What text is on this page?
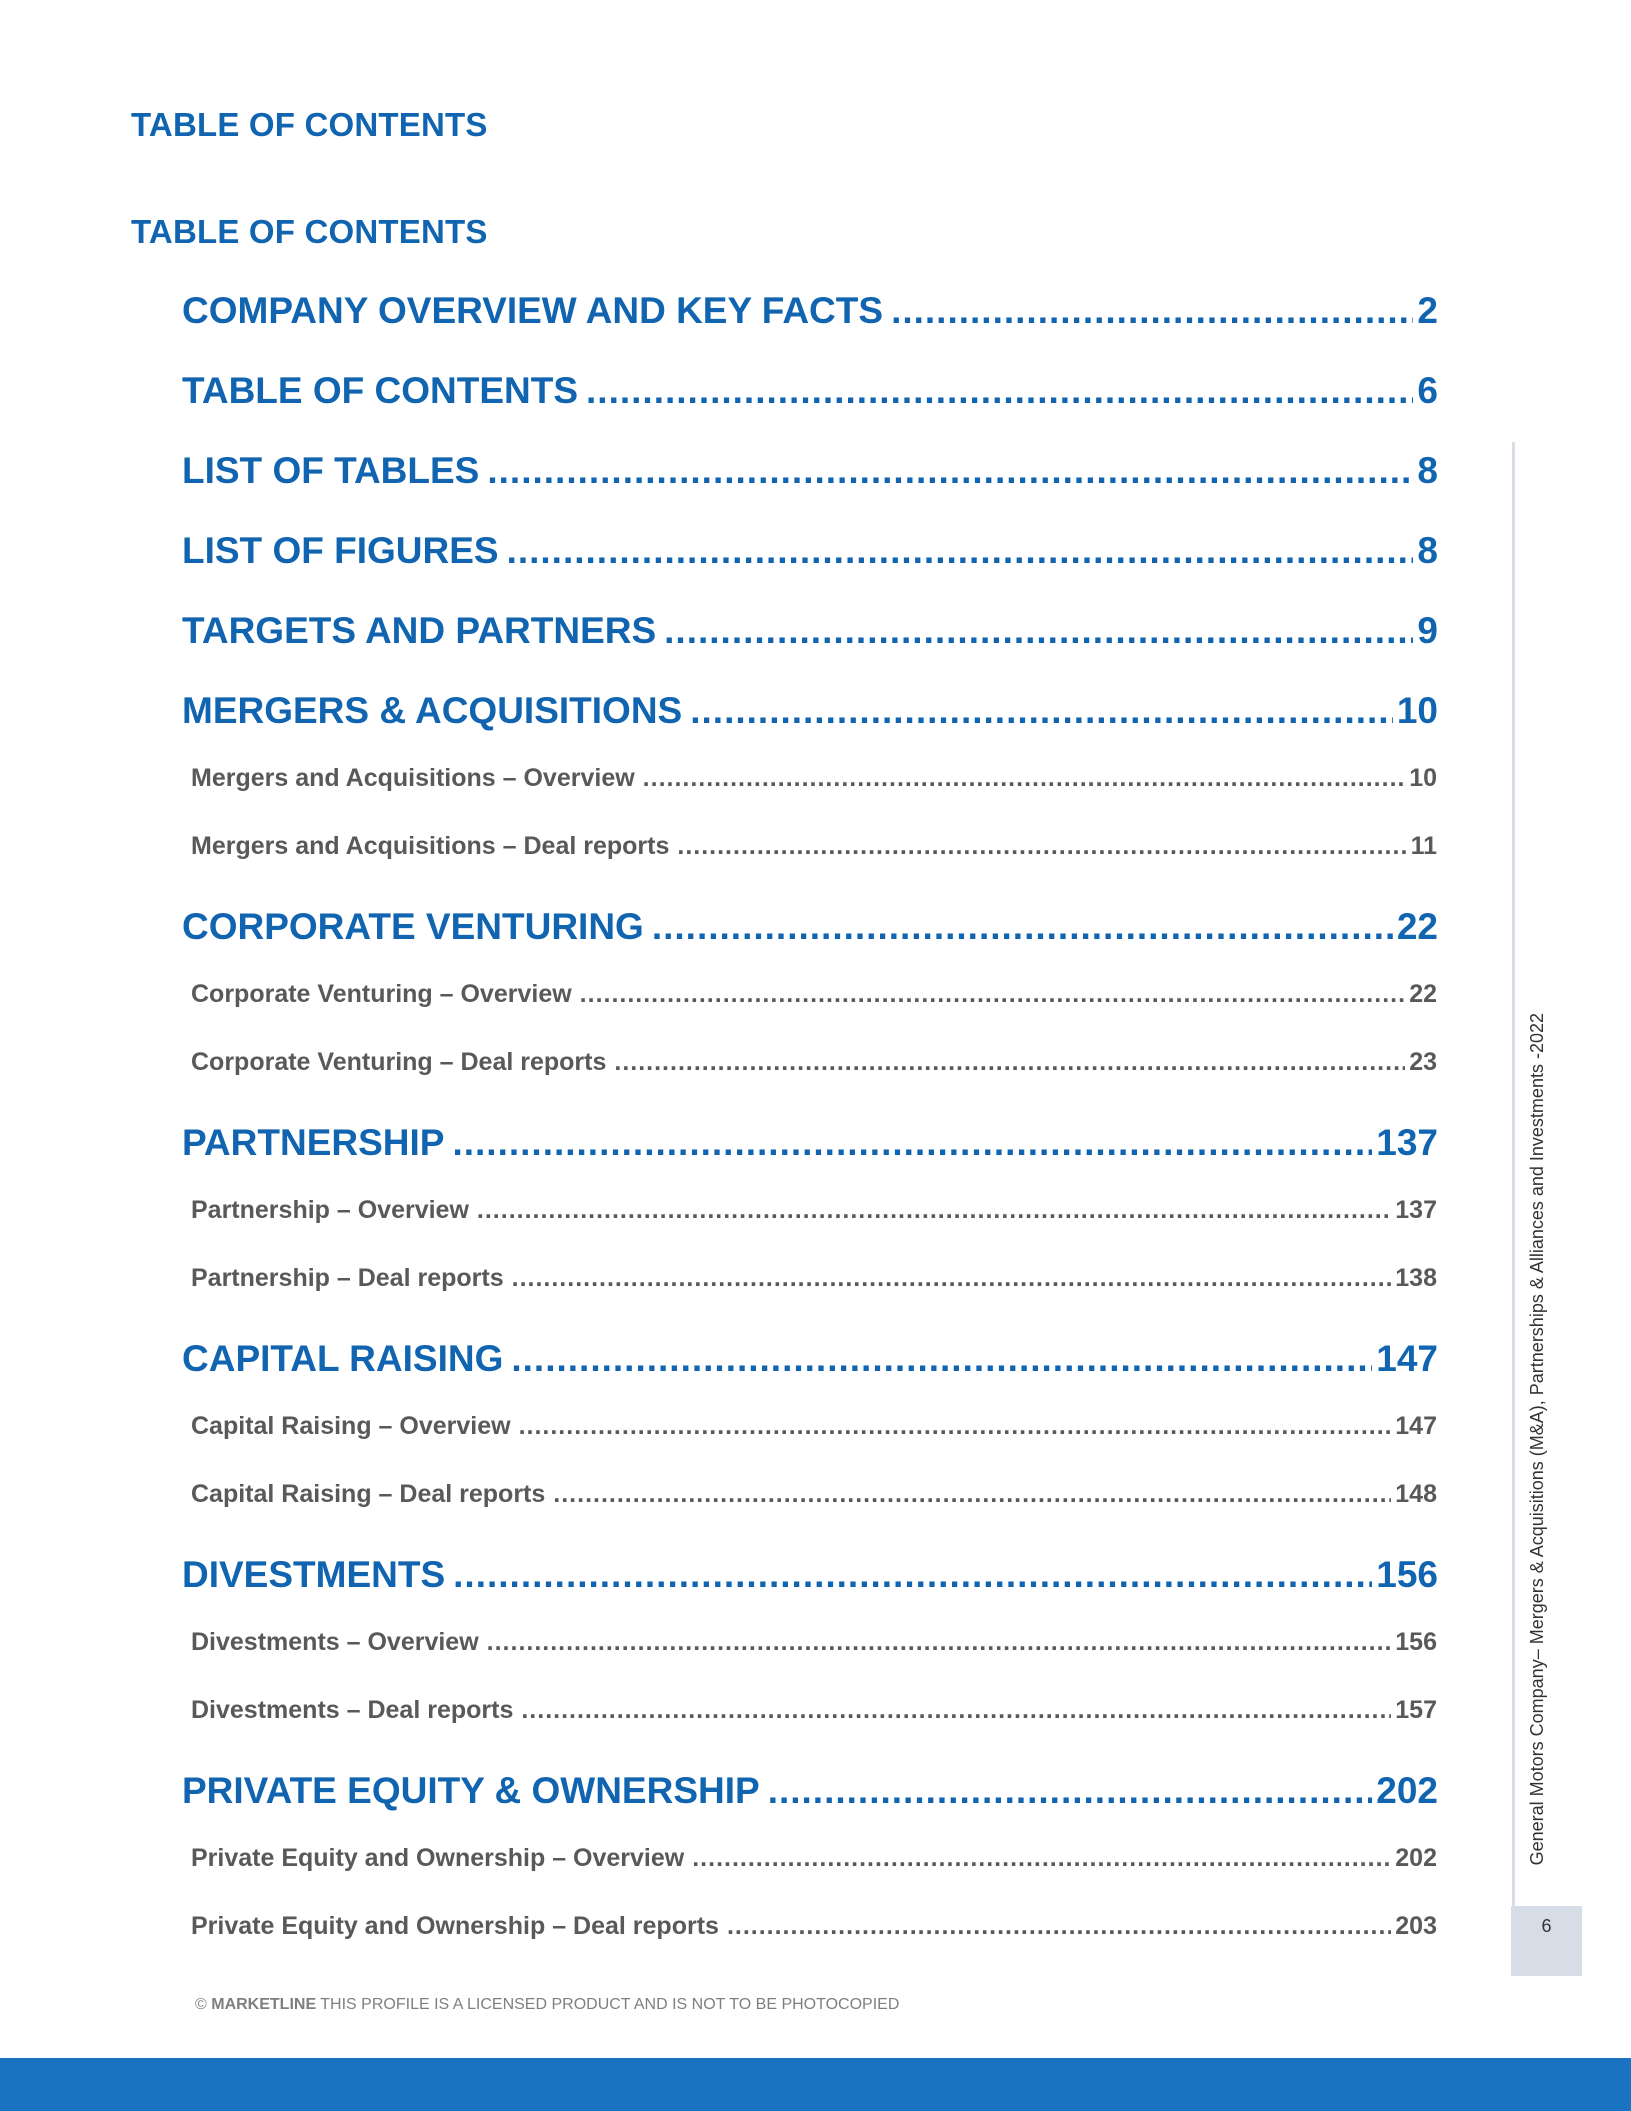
TABLE OF CONTENTS
TABLE OF CONTENTS
COMPANY OVERVIEW AND KEY FACTS .....	2
TABLE OF CONTENTS .....	6
LIST OF TABLES .....	8
LIST OF FIGURES .....	8
TARGETS AND PARTNERS .....	9
MERGERS & ACQUISITIONS .....	10
Mergers and Acquisitions – Overview .....	10
Mergers and Acquisitions – Deal reports .....	11
CORPORATE VENTURING .....	22
Corporate Venturing – Overview .....	22
Corporate Venturing – Deal reports .....	23
PARTNERSHIP .....	137
Partnership – Overview .....	137
Partnership – Deal reports .....	138
CAPITAL RAISING .....	147
Capital Raising – Overview .....	147
Capital Raising – Deal reports .....	148
DIVESTMENTS .....	156
Divestments – Overview .....	156
Divestments – Deal reports .....	157
PRIVATE EQUITY & OWNERSHIP .....	202
Private Equity and Ownership – Overview .....	202
Private Equity and Ownership – Deal reports .....	203
General Motors Company– Mergers & Acquisitions (M&A), Partnerships & Alliances and Investments -2022
6
© MARKETLINE THIS PROFILE IS A LICENSED PRODUCT AND IS NOT TO BE PHOTOCOPIED
